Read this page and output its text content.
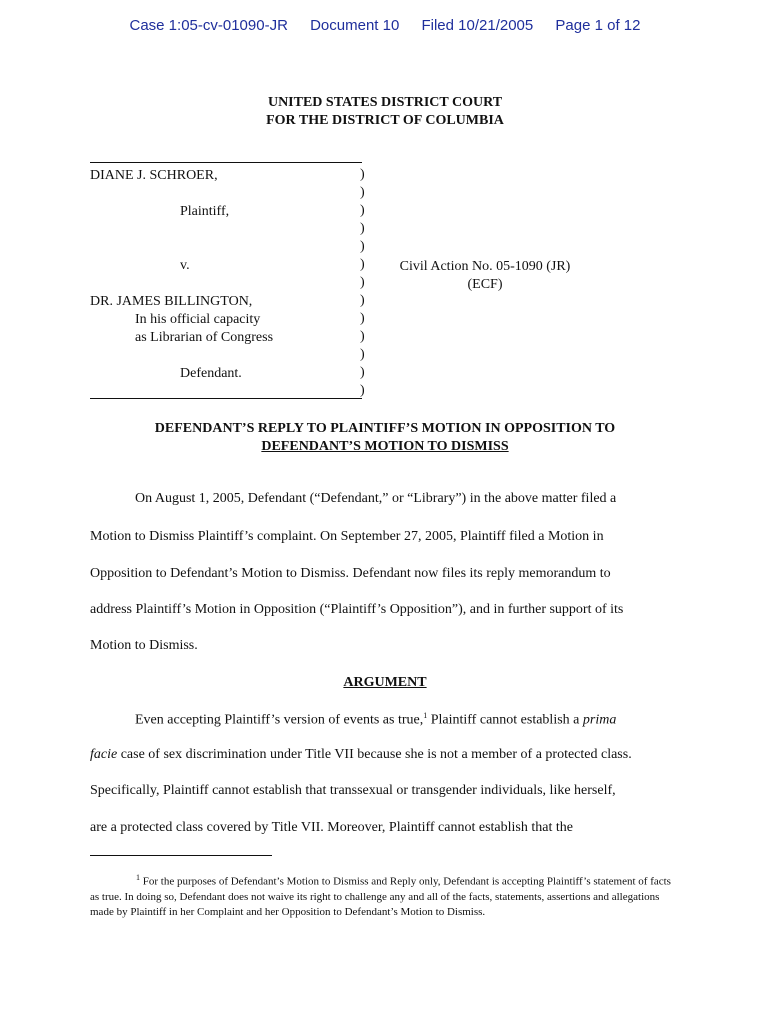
Case 1:05-cv-01090-JR Document 10 Filed 10/21/2005 Page 1 of 12
UNITED STATES DISTRICT COURT
FOR THE DISTRICT OF COLUMBIA
DIANE J. SCHROER,
Plaintiff,
v.
DR. JAMES BILLINGTON,
In his official capacity
as Librarian of Congress
Defendant.
)
)
)
)
)
)
)
)
)
)
)
)
)
Civil Action No. 05-1090 (JR)
(ECF)
DEFENDANT’S REPLY TO PLAINTIFF’S MOTION IN OPPOSITION TO
DEFENDANT’S MOTION TO DISMISS
On August 1, 2005, Defendant (“Defendant,” or “Library”) in the above matter filed a
Motion to Dismiss Plaintiff’s complaint. On September 27, 2005, Plaintiff filed a Motion in
Opposition to Defendant’s Motion to Dismiss. Defendant now files its reply memorandum to
address Plaintiff’s Motion in Opposition (“Plaintiff’s Opposition”), and in further support of its
Motion to Dismiss.
ARGUMENT
Even accepting Plaintiff’s version of events as true,$^1$ Plaintiff cannot establish a prima
facie case of sex discrimination under Title VII because she is not a member of a protected class.
Specifically, Plaintiff cannot establish that transsexual or transgender individuals, like herself,
are a protected class covered by Title VII. Moreover, Plaintiff cannot establish that the
$^1$ For the purposes of Defendant’s Motion to Dismiss and Reply only, Defendant is accepting Plaintiff’s statement of facts as true. In doing so, Defendant does not waive its right to challenge any and all of the facts, statements, assertions and allegations made by Plaintiff in her Complaint and her Opposition to Defendant’s Motion to Dismiss.
